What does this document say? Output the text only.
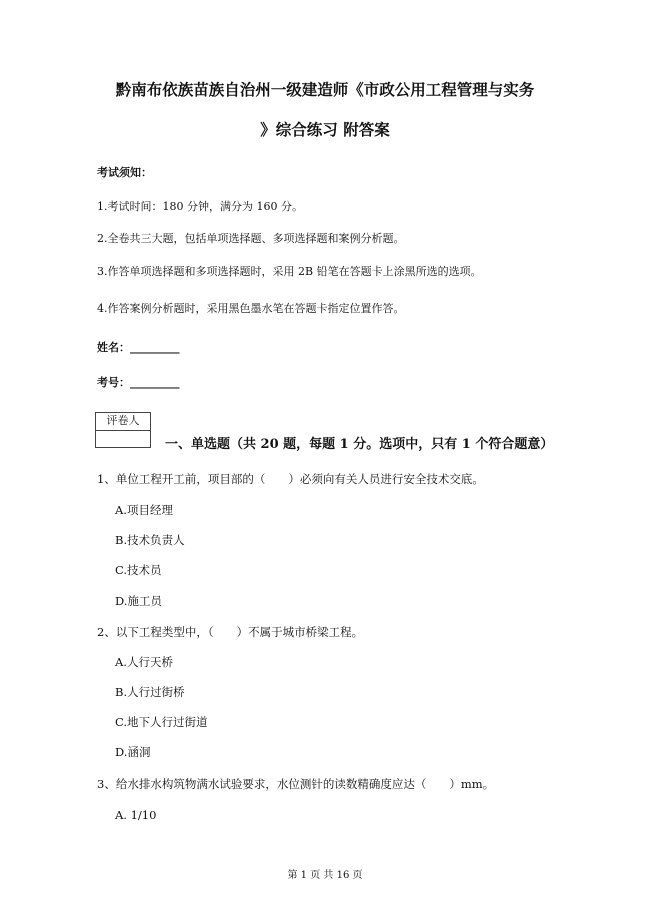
黔南布依族苗族自治州一级建造师《市政公用工程管理与实务
》综合练习 附答案
考试须知：
1.考试时间：180 分钟，满分为 160 分。
2.全卷共三大题，包括单项选择题、多项选择题和案例分析题。
3.作答单项选择题和多项选择题时，采用 2B 铅笔在答题卡上涂黑所选的选项。
4.作答案例分析题时，采用黑色墨水笔在答题卡指定位置作答。
姓名：_________
考号：_________
评卷人
一、单选题（共 20 题，每题 1 分。选项中，只有 1 个符合题意）
1、单位工程开工前，项目部的（　　）必须向有关人员进行安全技术交底。
A.项目经理
B.技术负责人
C.技术员
D.施工员
2、以下工程类型中，（　　）不属于城市桥梁工程。
A.人行天桥
B.人行过街桥
C.地下人行过街道
D.涵洞
3、给水排水构筑物满水试验要求，水位测针的读数精确度应达（　　）mm。
A. 1/10
第 1 页 共 16 页
